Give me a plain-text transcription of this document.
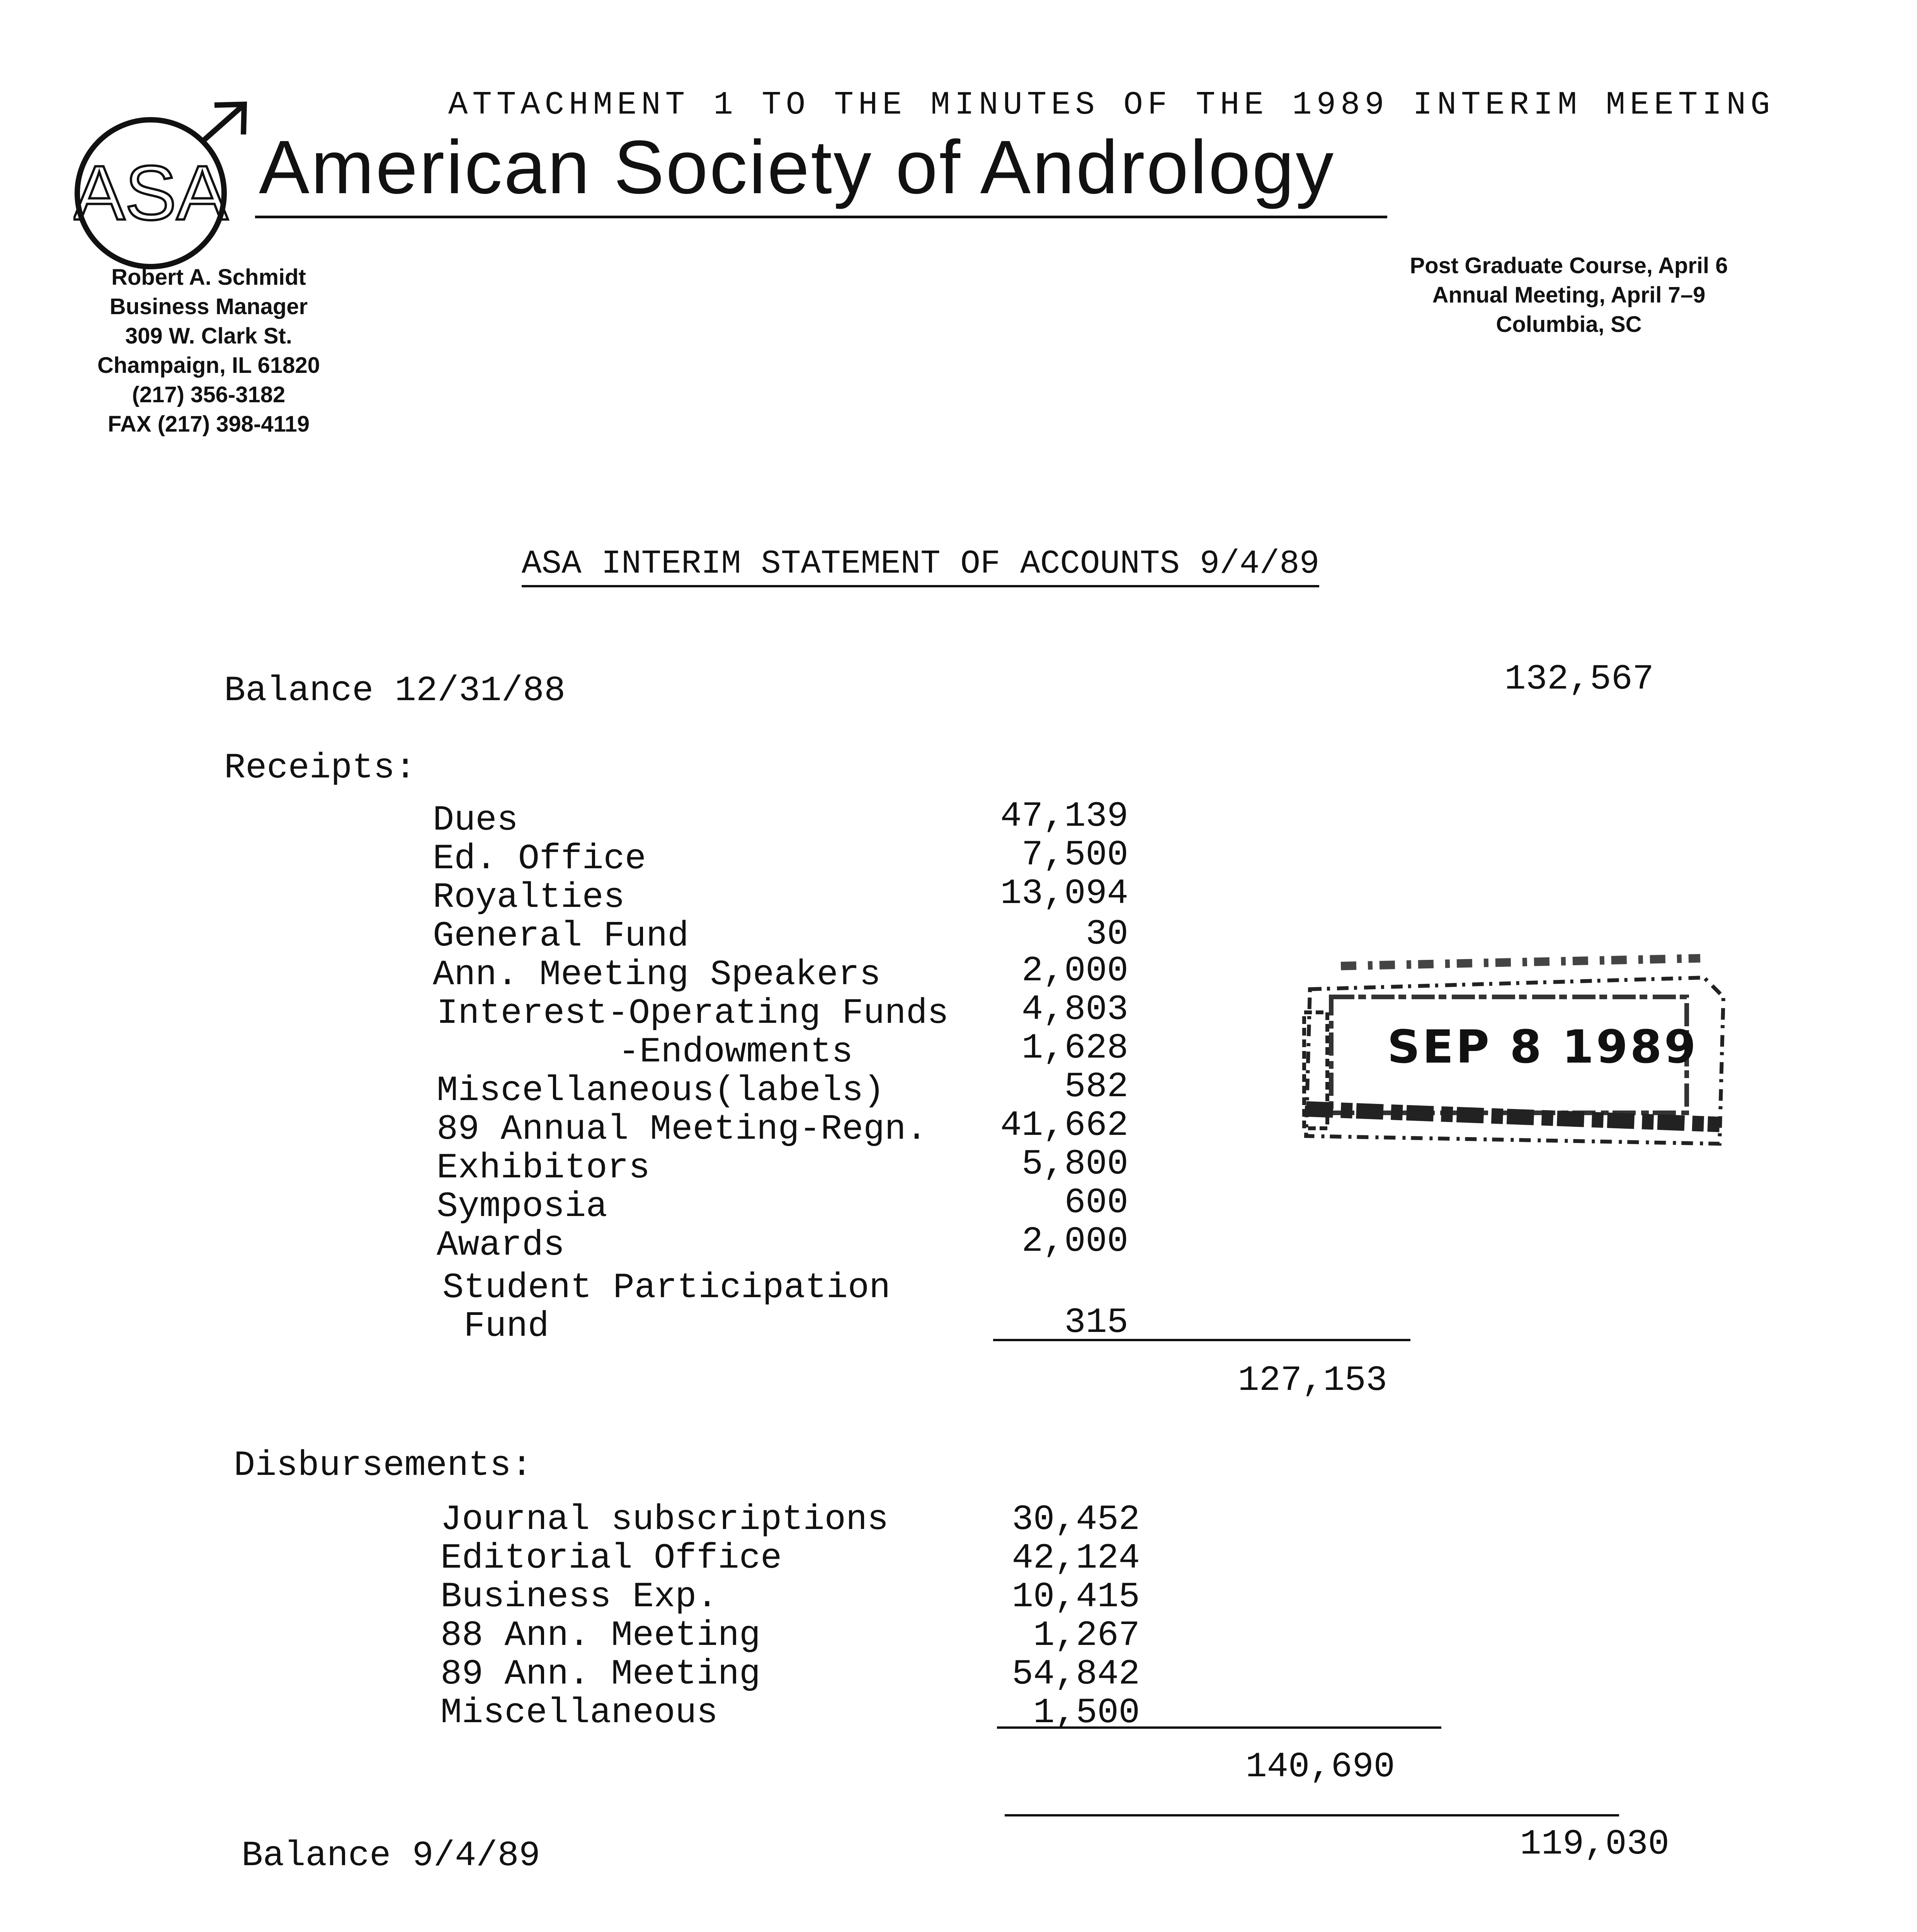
ATTACHMENT 1 TO THE MINUTES OF THE 1989 INTERIM MEETING
ASA American Society of Andrology
Robert A. Schmidt
Business Manager
309 W. Clark St.
Champaign, IL 61820
(217) 356-3182
FAX (217) 398-4119
Post Graduate Course, April 6
Annual Meeting, April 7–9
Columbia, SC
ASA INTERIM STATEMENT OF ACCOUNTS 9/4/89
Balance 12/31/88	132,567
Receipts:
127,153
Disbursements:
140,690
Balance 9/4/89	119,030
SEP 8 1989
Dues	47,139
Ed. Office	7,500
Royalties	13,094
General Fund	30
Ann. Meeting Speakers	2,000
Interest-Operating Funds	4,803
-Endowments	1,628
Miscellaneous(labels)	582
89 Annual Meeting-Regn.	41,662
Exhibitors	5,800
Symposia	600
Awards	2,000
Student Participation
Fund	315
Journal subscriptions	30,452
Editorial Office	42,124
Business Exp.	10,415
88 Ann. Meeting	1,267
89 Ann. Meeting	54,842
Miscellaneous	1,500
